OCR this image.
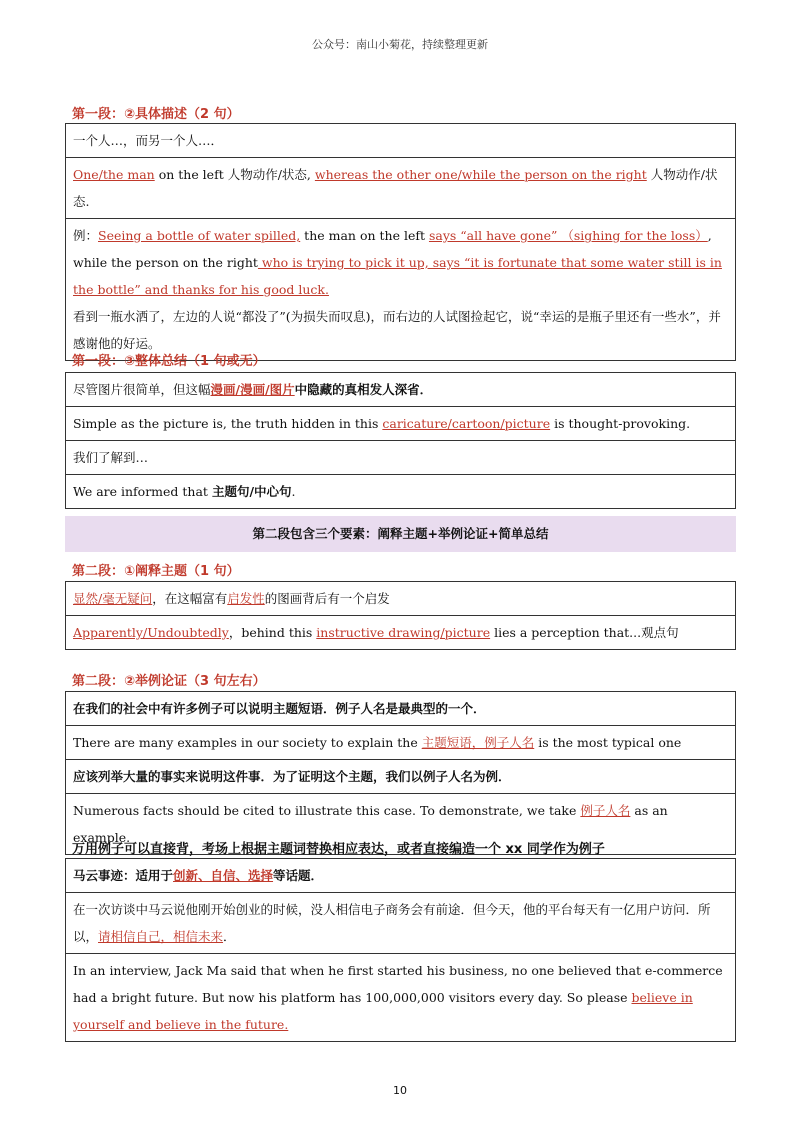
公众号：南山小菊花，持续整理更新
第一段：②具体描述（2 句）
一个人…，而另一个人…．
One/the man on the left 人物动作/状态, whereas the other one/while the person on the right 人物动作/状态.
例：Seeing a bottle of water spilled, the man on the left says “all have gone” （sighing for the loss）, while the person on the right who is trying to pick it up, says “it is fortunate that some water still is in the bottle” and thanks for his good luck.
看到一瓶水洒了，左边的人说“都没了”(为损失而叹息)，而右边的人试图捡起它，说“幸运的是瓶子里还有一些水”，并感谢他的好运。
第一段：③整体总结（1 句或无）
尽管图片很简单，但这幅漫画/漫画/图片中隐藏的真相发人深省．
Simple as the picture is, the truth hidden in this caricature/cartoon/picture is thought-provoking.
我们了解到…
We are informed that 主题句/中心句.
第二段包含三个要素：阐释主题+举例论证+简单总结
第二段：①阐释主题（1 句）
显然/毫无疑问，在这幅富有启发性的图画背后有一个启发
Apparently/Undoubtedly，behind this instructive drawing/picture lies a perception that...观点句
第二段：②举例论证（3 句左右）
在我们的社会中有许多例子可以说明主题短语．例子人名是最典型的一个．
There are many examples in our society to explain the 主题短语，例子人名 is the most typical one
应该列举大量的事实来说明这件事．为了证明这个主题，我们以例子人名为例．
Numerous facts should be cited to illustrate this case. To demonstrate, we take 例子人名 as an example.
万用例子可以直接背，考场上根据主题词替换相应表达，或者直接编造一个 xx 同学作为例子
马云事迹：适用于创新、自信、选择等话题．
在一次访谈中马云说他刚开始创业的时候，没人相信电子商务会有前途．但今天，他的平台每天有一亿用户访问．所以，请相信自己，相信未来．
In an interview, Jack Ma said that when he first started his business, no one believed that e-commerce had a bright future. But now his platform has 100,000,000 visitors every day. So please believe in yourself and believe in the future.
10
